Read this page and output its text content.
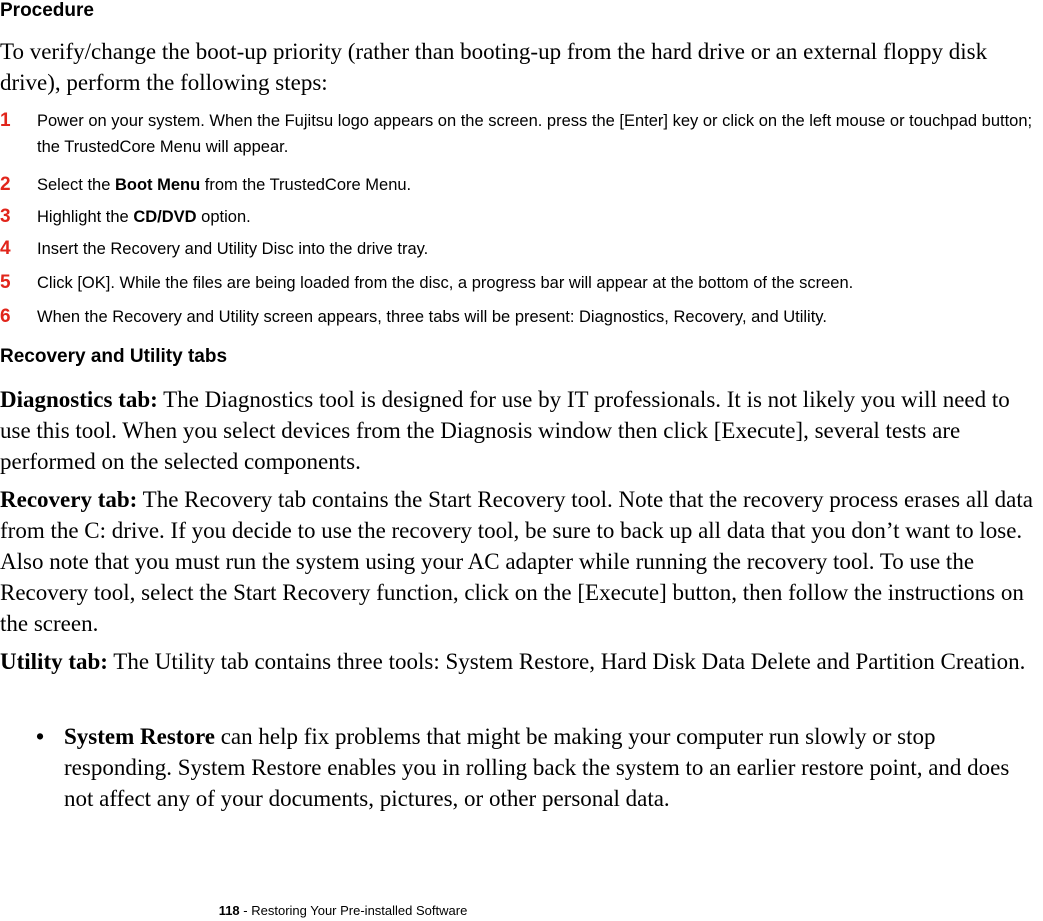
Procedure
To verify/change the boot-up priority (rather than booting-up from the hard drive or an external floppy disk drive), perform the following steps:
1 Power on your system. When the Fujitsu logo appears on the screen. press the [Enter] key or click on the left mouse or touchpad button; the TrustedCore Menu will appear.
2 Select the Boot Menu from the TrustedCore Menu.
3 Highlight the CD/DVD option.
4 Insert the Recovery and Utility Disc into the drive tray.
5 Click [OK]. While the files are being loaded from the disc, a progress bar will appear at the bottom of the screen.
6 When the Recovery and Utility screen appears, three tabs will be present: Diagnostics, Recovery, and Utility.
Recovery and Utility tabs
Diagnostics tab: The Diagnostics tool is designed for use by IT professionals. It is not likely you will need to use this tool. When you select devices from the Diagnosis window then click [Execute], several tests are performed on the selected components.
Recovery tab: The Recovery tab contains the Start Recovery tool. Note that the recovery process erases all data from the C: drive. If you decide to use the recovery tool, be sure to back up all data that you don’t want to lose. Also note that you must run the system using your AC adapter while running the recovery tool. To use the Recovery tool, select the Start Recovery function, click on the [Execute] button, then follow the instructions on the screen.
Utility tab: The Utility tab contains three tools: System Restore, Hard Disk Data Delete and Partition Creation.
• System Restore can help fix problems that might be making your computer run slowly or stop responding. System Restore enables you in rolling back the system to an earlier restore point, and does not affect any of your documents, pictures, or other personal data.
118 - Restoring Your Pre-installed Software
